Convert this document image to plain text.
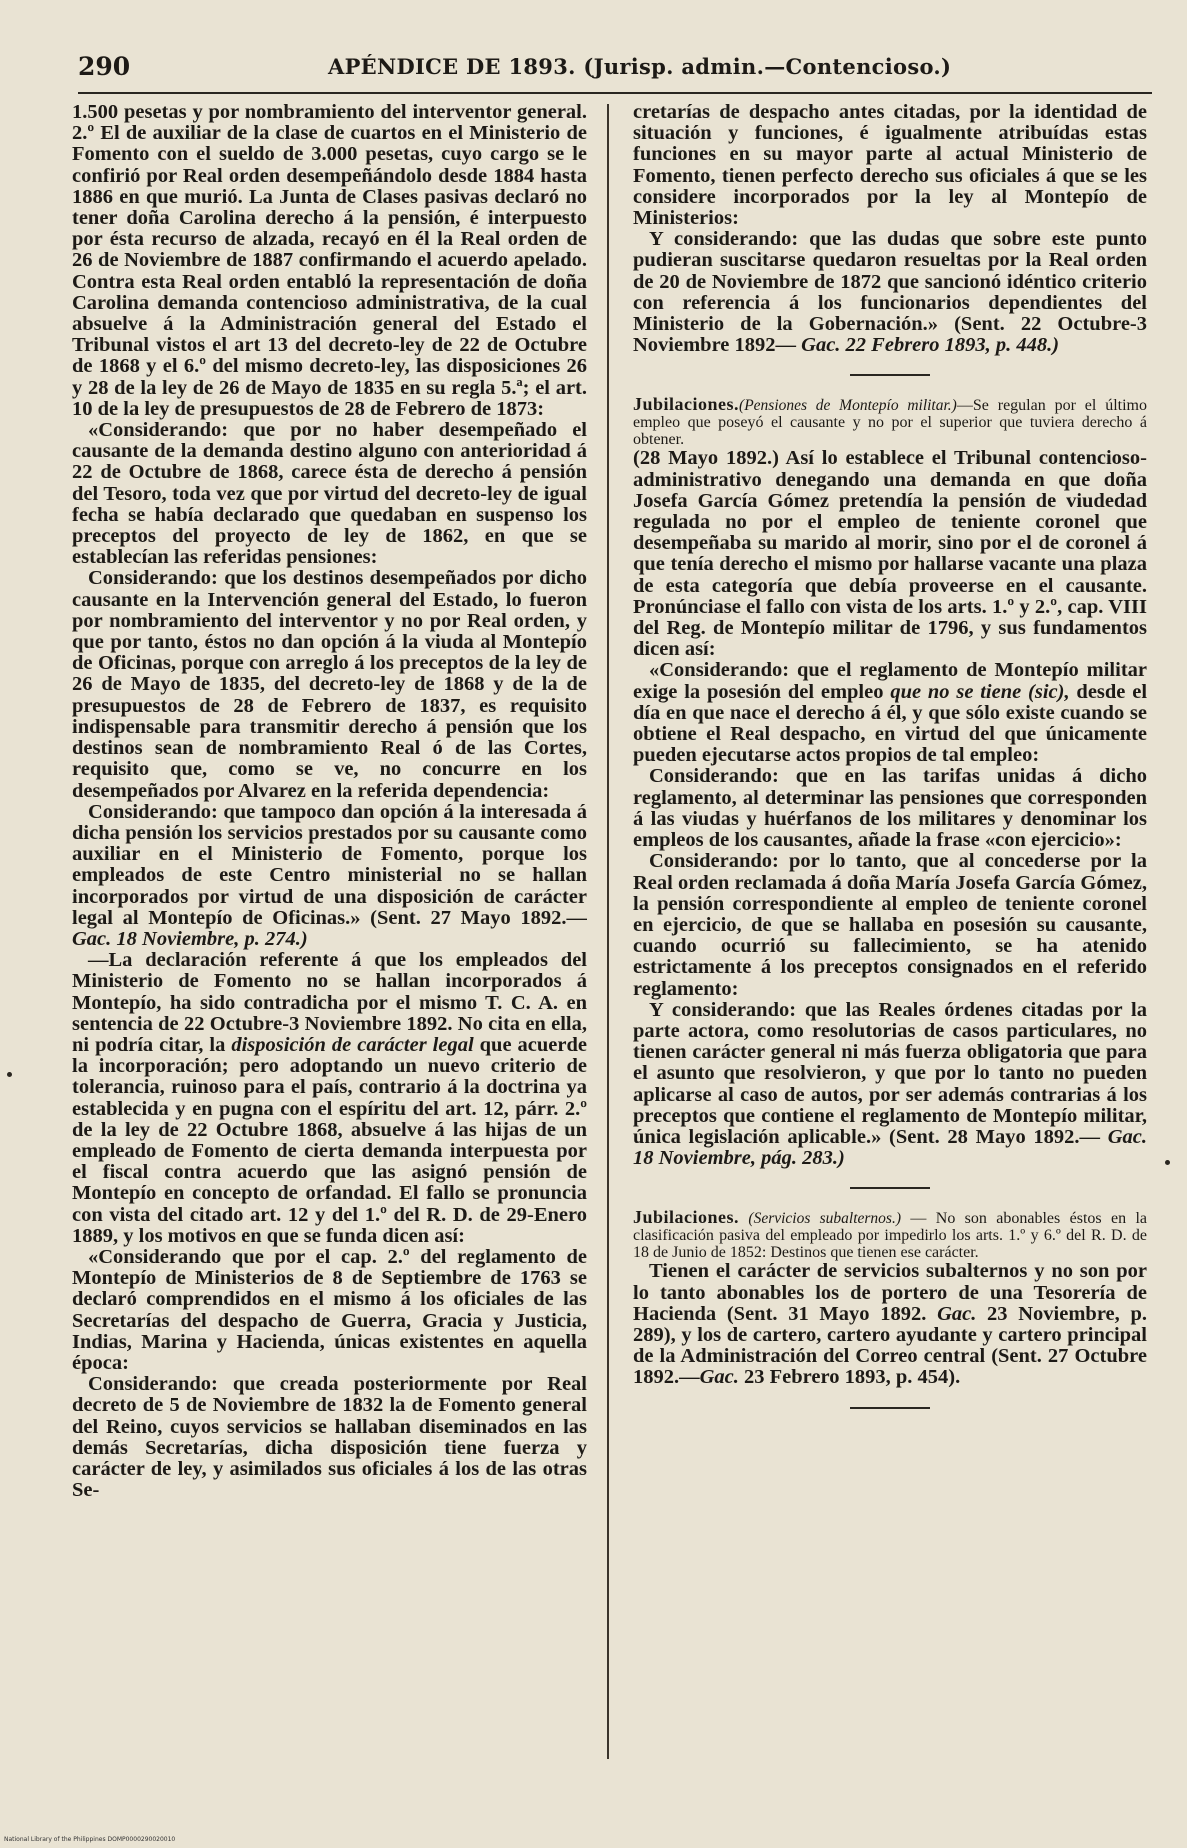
290	APÉNDICE DE 1893. (Jurisp. admin.—Contencioso.)

1.500 pesetas y por nombramiento del interventor general. 2.º El de auxiliar de la clase de cuartos en el Ministerio de Fomento con el sueldo de 3.000 pesetas, cuyo cargo se le confirió por Real orden desempeñándolo desde 1884 hasta 1886 en que murió. La Junta de Clases pasivas declaró no tener doña Carolina derecho á la pensión, é interpuesto por ésta recurso de alzada, recayó en él la Real orden de 26 de Noviembre de 1887 confirmando el acuerdo apelado. Contra esta Real orden entabló la representación de doña Carolina demanda contencioso administrativa, de la cual absuelve á la Administración general del Estado el Tribunal vistos el art 13 del decreto-ley de 22 de Octubre de 1868 y el 6.º del mismo decreto-ley, las disposiciones 26 y 28 de la ley de 26 de Mayo de 1835 en su regla 5.ª; el art. 10 de la ley de presupuestos de 28 de Febrero de 1873:

«Considerando: que por no haber desempeñado el causante de la demanda destino alguno con anterioridad á 22 de Octubre de 1868, carece ésta de derecho á pensión del Tesoro, toda vez que por virtud del decreto-ley de igual fecha se había declarado que quedaban en suspenso los preceptos del proyecto de ley de 1862, en que se establecían las referidas pensiones:

Considerando: que los destinos desempeñados por dicho causante en la Intervención general del Estado, lo fueron por nombramiento del interventor y no por Real orden, y que por tanto, éstos no dan opción á la viuda al Montepío de Oficinas, porque con arreglo á los preceptos de la ley de 26 de Mayo de 1835, del decreto-ley de 1868 y de la de presupuestos de 28 de Febrero de 1837, es requisito indispensable para transmitir derecho á pensión que los destinos sean de nombramiento Real ó de las Cortes, requisito que, como se ve, no concurre en los desempeñados por Alvarez en la referida dependencia:

Considerando: que tampoco dan opción á la interesada á dicha pensión los servicios prestados por su causante como auxiliar en el Ministerio de Fomento, porque los empleados de este Centro ministerial no se hallan incorporados por virtud de una disposición de carácter legal al Montepío de Oficinas.» (Sent. 27 Mayo 1892.— Gac. 18 Noviembre, p. 274.)

—La declaración referente á que los empleados del Ministerio de Fomento no se hallan incorporados á Montepío, ha sido contradicha por el mismo T. C. A. en sentencia de 22 Octubre-3 Noviembre 1892. No cita en ella, ni podría citar, la disposición de carácter legal que acuerde la incorporación; pero adoptando un nuevo criterio de tolerancia, ruinoso para el país, contrario á la doctrina ya establecida y en pugna con el espíritu del art. 12, párr. 2.º de la ley de 22 Octubre 1868, absuelve á las hijas de un empleado de Fomento de cierta demanda interpuesta por el fiscal contra acuerdo que las asignó pensión de Montepío en concepto de orfandad. El fallo se pronuncia con vista del citado art. 12 y del 1.º del R. D. de 29-Enero 1889, y los motivos en que se funda dicen así:

«Considerando que por el cap. 2.º del reglamento de Montepío de Ministerios de 8 de Septiembre de 1763 se declaró comprendidos en el mismo á los oficiales de las Secretarías del despacho de Guerra, Gracia y Justicia, Indias, Marina y Hacienda, únicas existentes en aquella época:

Considerando: que creada posteriormente por Real decreto de 5 de Noviembre de 1832 la de Fomento general del Reino, cuyos servicios se hallaban diseminados en las demás Secretarías, dicha disposición tiene fuerza y carácter de ley, y asimilados sus oficiales á los de las otras Se-

cretarías de despacho antes citadas, por la identidad de situación y funciones, é igualmente atribuídas estas funciones en su mayor parte al actual Ministerio de Fomento, tienen perfecto derecho sus oficiales á que se les considere incorporados por la ley al Montepío de Ministerios:

Y considerando: que las dudas que sobre este punto pudieran suscitarse quedaron resueltas por la Real orden de 20 de Noviembre de 1872 que sancionó idéntico criterio con referencia á los funcionarios dependientes del Ministerio de la Gobernación.» (Sent. 22 Octubre-3 Noviembre 1892— Gac. 22 Febrero 1893, p. 448.)

Jubilaciones.(Pensiones de Montepío militar.)—Se regulan por el último empleo que poseyó el causante y no por el superior que tuviera derecho á obtener.

(28 Mayo 1892.) Así lo establece el Tribunal contencioso-administrativo denegando una demanda en que doña Josefa García Gómez pretendía la pensión de viudedad regulada no por el empleo de teniente coronel que desempeñaba su marido al morir, sino por el de coronel á que tenía derecho el mismo por hallarse vacante una plaza de esta categoría que debía proveerse en el causante. Pronúnciase el fallo con vista de los arts. 1.º y 2.º, cap. VIII del Reg. de Montepío militar de 1796, y sus fundamentos dicen así:

«Considerando: que el reglamento de Montepío militar exige la posesión del empleo que no se tiene (sic), desde el día en que nace el derecho á él, y que sólo existe cuando se obtiene el Real despacho, en virtud del que únicamente pueden ejecutarse actos propios de tal empleo:

Considerando: que en las tarifas unidas á dicho reglamento, al determinar las pensiones que corresponden á las viudas y huérfanos de los militares y denominar los empleos de los causantes, añade la frase «con ejercicio»:

Considerando: por lo tanto, que al concederse por la Real orden reclamada á doña María Josefa García Gómez, la pensión correspondiente al empleo de teniente coronel en ejercicio, de que se hallaba en posesión su causante, cuando ocurrió su fallecimiento, se ha atenido estrictamente á los preceptos consignados en el referido reglamento:

Y considerando: que las Reales órdenes citadas por la parte actora, como resolutorias de casos particulares, no tienen carácter general ni más fuerza obligatoria que para el asunto que resolvieron, y que por lo tanto no pueden aplicarse al caso de autos, por ser además contrarias á los preceptos que contiene el reglamento de Montepío militar, única legislación aplicable.» (Sent. 28 Mayo 1892.— Gac. 18 Noviembre, pág. 283.)

Jubilaciones. (Servicios subalternos.) — No son abonables éstos en la clasificación pasiva del empleado por impedirlo los arts. 1.º y 6.º del R. D. de 18 de Junio de 1852: Destinos que tienen ese carácter.

Tienen el carácter de servicios subalternos y no son por lo tanto abonables los de portero de una Tesorería de Hacienda (Sent. 31 Mayo 1892. Gac. 23 Noviembre, p. 289), y los de cartero, cartero ayudante y cartero principal de la Administración del Correo central (Sent. 27 Octubre 1892.—Gac. 23 Febrero 1893, p. 454).

National Library of the Philippines DOMP0000290020010
